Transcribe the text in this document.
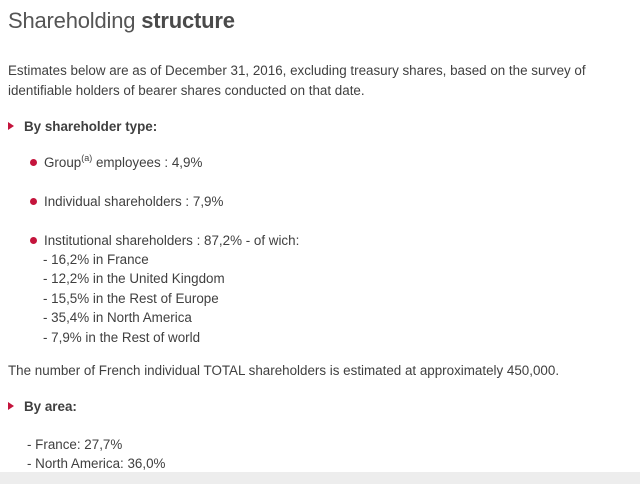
Shareholding structure
Estimates below are as of December 31, 2016, excluding treasury shares, based on the survey of identifiable holders of bearer shares conducted on that date.
By shareholder type:
Group$^{(a)}$ employees : 4,9%
Individual shareholders : 7,9%
Institutional shareholders : 87,2% - of wich:
- 16,2% in France
- 12,2% in the United Kingdom
- 15,5% in the Rest of Europe
- 35,4% in North America
- 7,9% in the Rest of world
The number of French individual TOTAL shareholders is estimated at approximately 450,000.
By area:
- France: 27,7%
- North America: 36,0%
